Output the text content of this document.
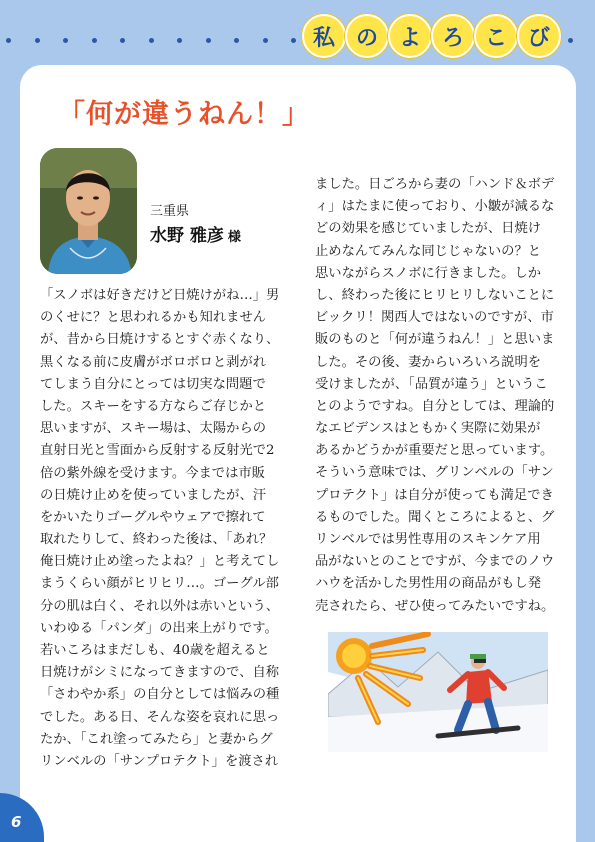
私 の よ ろ こ び
「何が違うねん！」
三重県
水野 雅彦 様
「スノボは好きだけど日焼けがね…」男
のくせに？と思われるかも知れません
が、昔から日焼けするとすぐ赤くなり、
黒くなる前に皮膚がボロボロと剥がれ
てしまう自分にとっては切実な問題で
した。スキーをする方ならご存じかと
思いますが、スキー場は、太陽からの
直射日光と雪面から反射する反射光で2
倍の紫外線を受けます。今までは市販
の日焼け止めを使っていましたが、汗
をかいたりゴーグルやウェアで擦れて
取れたりして、終わった後は、「あれ？
俺日焼け止め塗ったよね？」と考えてし
まうくらい顔がヒリヒリ…。ゴーグル部
分の肌は白く、それ以外は赤いという、
いわゆる「パンダ」の出来上がりです。
若いころはまだしも、40歳を超えると
日焼けがシミになってきますので、自称
「さわやか系」の自分としては悩みの種
でした。ある日、そんな姿を哀れに思っ
たか、「これ塗ってみたら」と妻からグ
リンベルの「サンプロテクト」を渡され
ました。日ごろから妻の「ハンド＆ボデ
ィ」はたまに使っており、小皺が減るな
どの効果を感じていましたが、日焼け
止めなんてみんな同じじゃないの？と
思いながらスノボに行きました。しか
し、終わった後にヒリヒリしないことに
ビックリ！関西人ではないのですが、市
販のものと「何が違うねん！」と思いま
した。その後、妻からいろいろ説明を
受けましたが、「品質が違う」というこ
とのようですね。自分としては、理論的
なエビデンスはともかく実際に効果が
あるかどうかが重要だと思っています。
そういう意味では、グリンベルの「サン
プロテクト」は自分が使っても満足でき
るものでした。聞くところによると、グ
リンベルでは男性専用のスキンケア用
品がないとのことですが、今までのノウ
ハウを活かした男性用の商品がもし発
売されたら、ぜひ使ってみたいですね。
6
